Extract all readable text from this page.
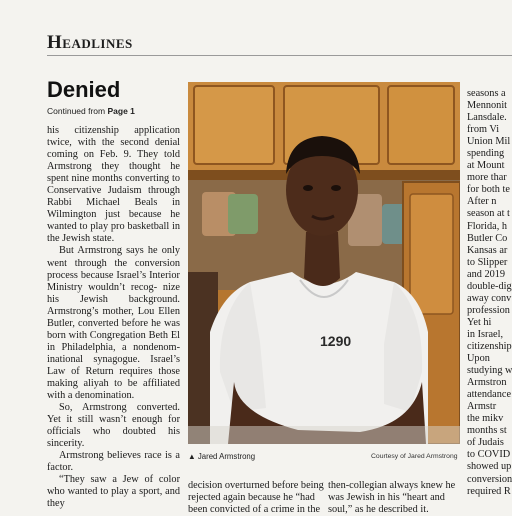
Headlines
Denied
Continued from Page 1

his citizenship application twice, with the second denial coming on Feb. 9. They told Armstrong they thought he spent nine months converting to Conservative Judaism through Rabbi Michael Beals in Wilmington just because he wanted to play pro basketball in the Jewish state.

But Armstrong says he only went through the conversion process because Israel’s Interior Ministry wouldn’t recog- nize his Jewish background. Armstrong’s mother, Lou Ellen Butler, converted before he was born with Congregation Beth El in Philadelphia, a nondenom- inational synagogue. Israel’s Law of Return requires those making aliyah to be affiliated with a denomination.

So, Armstrong converted. Yet it still wasn’t enough for officials who doubted his sincerity.

Armstrong believes race is a factor.

“They saw a Jew of color who wanted to play a sport, and they

1290
▲ Jared Armstrong	Courtesy of Jared Armstrong
decision overturned before being
rejected again because he “had
been convicted of a crime in the
then-collegian always knew he
was Jewish in his “heart and
soul,” as he described it.
seasons a
Mennonit
Lansdale.
from Vi
Union Mil
spending
at Mount
more thar
for both te
After n
season at t
Florida, h
Butler Co
Kansas ar
to Slipper
and 2019
double-dig
away conv
profession
Yet hi
in Israel,
citizenship
Upon
studying w
Armstron
attendance
Armstr
the mikv
months st
of Judais
to COVID
showed up
conversion
required R
